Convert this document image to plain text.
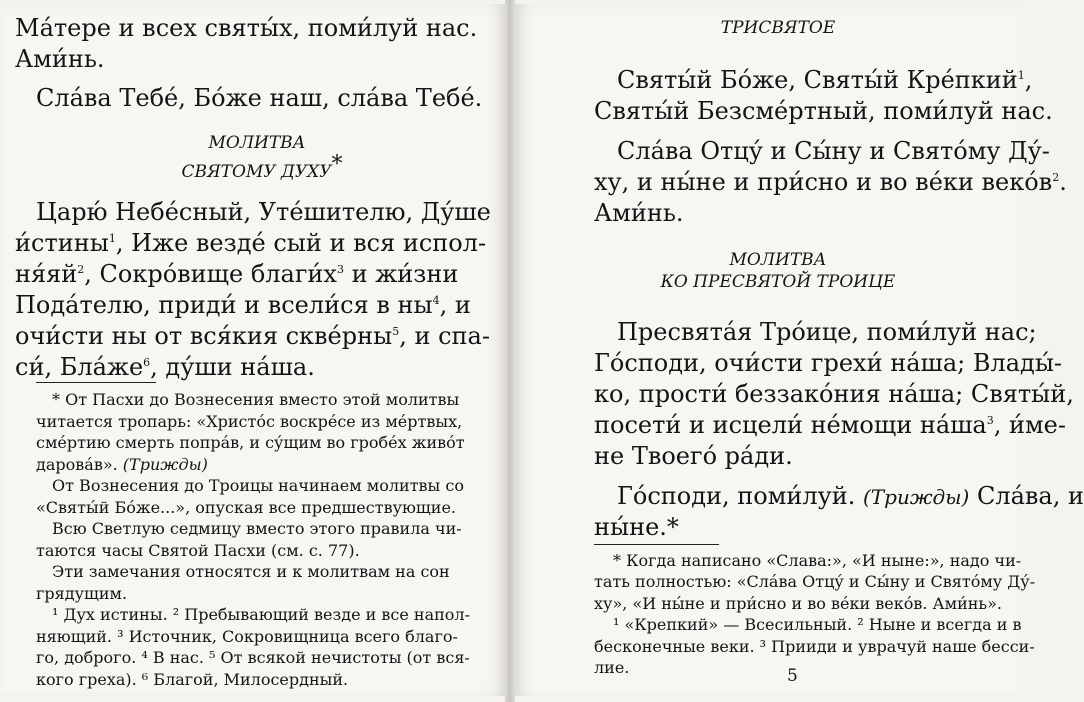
Ма́тере и всех святы́х, поми́луй нас.

Ами́нь.

Сла́ва Тебе́, Бо́же наш, сла́ва Тебе́.

МОЛИТВА

СВЯТОМУ ДУХУ*

Царю́ Небе́сный, Уте́шителю, Ду́ше

и́стины$^1$, Иже везде́ сый и вся испол-

$ня́яй^2$, Сокро́вище $благи́х^3$ и жи́зни

Пода́телю, приди́ и всели́ся в $ны^4$, и

очи́сти ны от вся́кия скве́рны$^5$, и спа-

си́, $Бла́же^6$, ду́ши на́ша.

* От Пасхи до Вознесения вместо этой молитвы

читается тропарь: «Христо́с воскре́се из ме́ртвых,

сме́ртию смерть попра́в, и су́щим во гробе́х живо́т

дарова́в». (Трижды)

От Вознесения до Троицы начинаем молитвы со

«Святы́й Бо́же...», опуская все предшествующие.

Всю Светлую седмицу вместо этого правила чи-

таются часы Святой Пасхи (см. с. 77).

Эти замечания относятся и к молитвам на сон

грядущим.

¹ Дух истины. ² Пребывающий везде и все напол-

няющий. ³ Источник, Сокровищница всего благо-

го, доброго. ⁴ В нас. ⁵ От всякой нечистоты (от вся-

кого греха). ⁶ Благой, Милосердный.

ТРИСВЯТОЕ

Святы́й Бо́же, Святы́й Кре́пкий$^1$,

Святы́й Безсме́ртный, поми́луй нас.

Сла́ва Отцу́ и Сы́ну и Свято́му Ду́-

ху, и ны́не и при́сно и во ве́ки $веко́в^2$.

Ами́нь.

МОЛИТВА

КО ПРЕСВЯТОЙ ТРОИЦЕ

Пресвята́я Тро́ице, поми́луй нас;

Го́споди, очи́сти грехи́ на́ша; Влады́-

ко, прости́ беззако́ния на́ша; Святы́й,

посети́ и исцели́ не́мощи $на́ша^3$, и́ме-

не Твоего́ ра́ди.

Го́споди, поми́луй. (Трижды) Сла́ва, и

ны́не.*

* Когда написано «Слава:», «И ныне:», надо чи-

тать полностью: «Сла́ва Отцу́ и Сы́ну и Свято́му Ду́-

ху», «И ны́не и при́сно и во ве́ки веко́в. Ами́нь».

¹ «Крепкий» — Всесильный. ² Ныне и всегда и в

бесконечные веки. ³ Прииди и уврачуй наше бесси-

лие.	5
